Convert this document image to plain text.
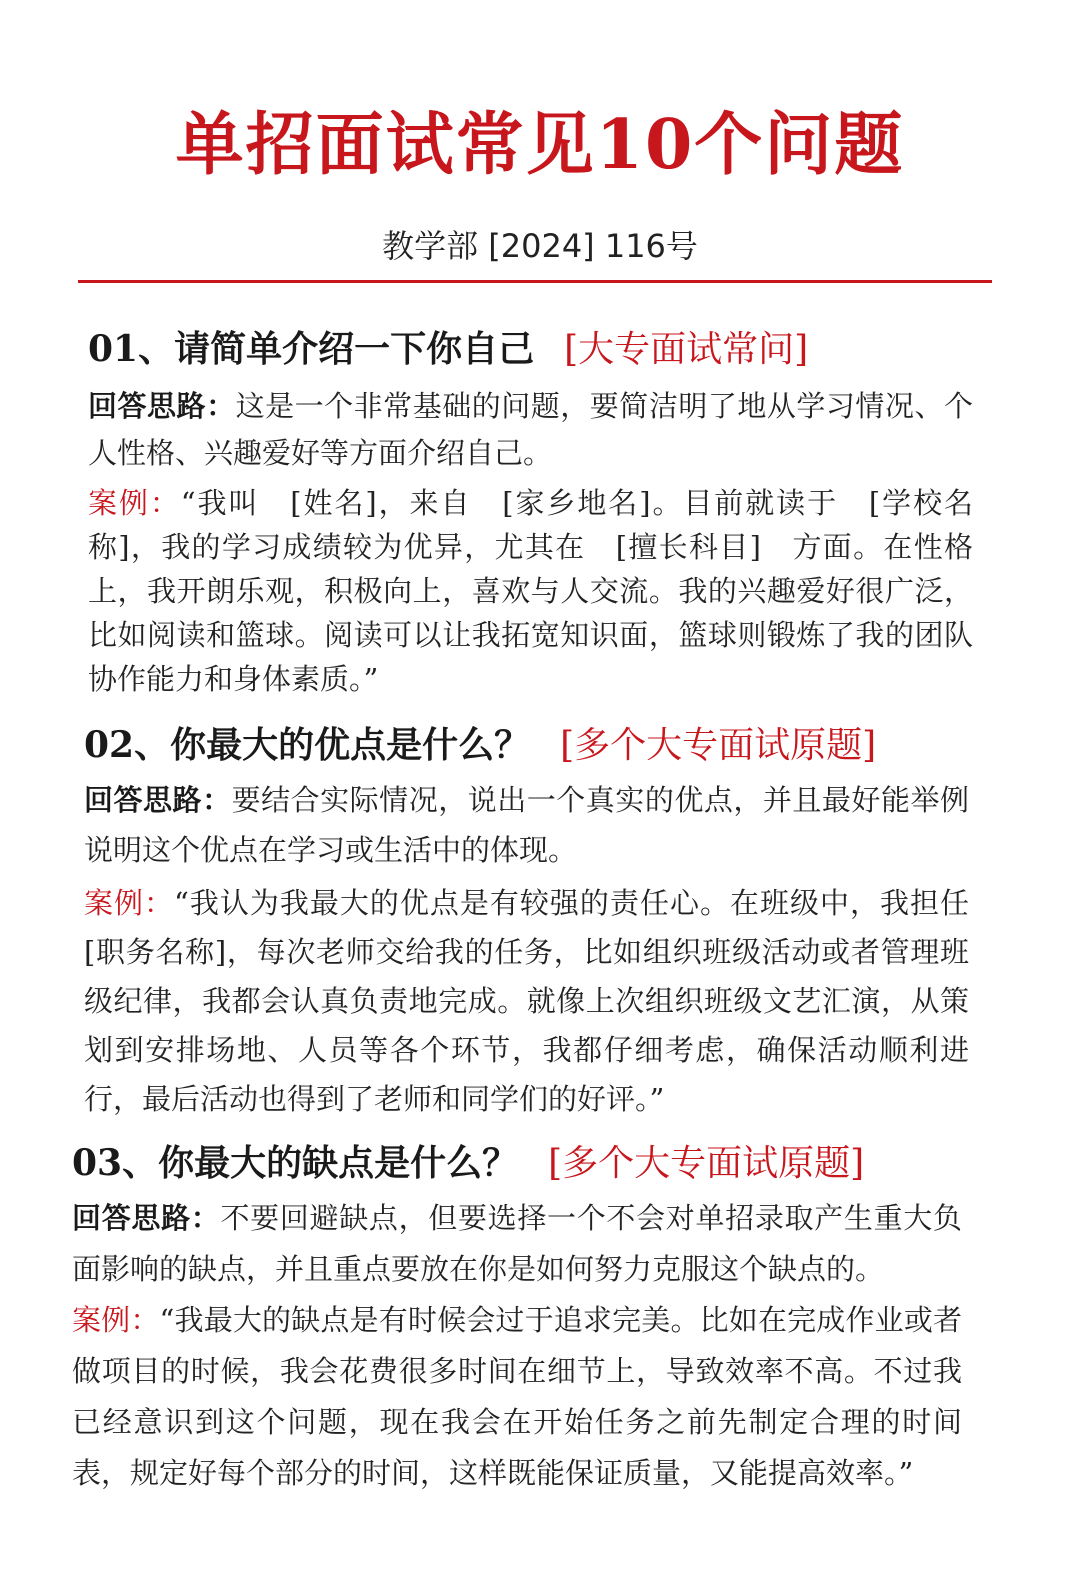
单招面试常见10个问题
教学部 [2024] 116号
01、请简单介绍一下你自己 [大专面试常问]

回答思路：这是一个非常基础的问题，要简洁明了地从学习情况、个人性格、兴趣爱好等方面介绍自己。

案例：“我叫　[姓名]，来自　[家乡地名]。目前就读于　[学校名称]，我的学习成绩较为优异，尤其在　[擅长科目]　方面。在性格上，我开朗乐观，积极向上，喜欢与人交流。我的兴趣爱好很广泛，比如阅读和篮球。阅读可以让我拓宽知识面，篮球则锻炼了我的团队协作能力和身体素质。”

02、你最大的优点是什么？ [多个大专面试原题]

回答思路：要结合实际情况，说出一个真实的优点，并且最好能举例说明这个优点在学习或生活中的体现。

案例：“我认为我最大的优点是有较强的责任心。在班级中，我担任　[职务名称]，每次老师交给我的任务，比如组织班级活动或者管理班级纪律，我都会认真负责地完成。就像上次组织班级文艺汇演，从策划到安排场地、人员等各个环节，我都仔细考虑，确保活动顺利进行，最后活动也得到了老师和同学们的好评。”

03、你最大的缺点是什么？ [多个大专面试原题]

回答思路：不要回避缺点，但要选择一个不会对单招录取产生重大负面影响的缺点，并且重点要放在你是如何努力克服这个缺点的。

案例：“我最大的缺点是有时候会过于追求完美。比如在完成作业或者做项目的时候，我会花费很多时间在细节上，导致效率不高。不过我已经意识到这个问题，现在我会在开始任务之前先制定合理的时间表，规定好每个部分的时间，这样既能保证质量，又能提高效率。”
